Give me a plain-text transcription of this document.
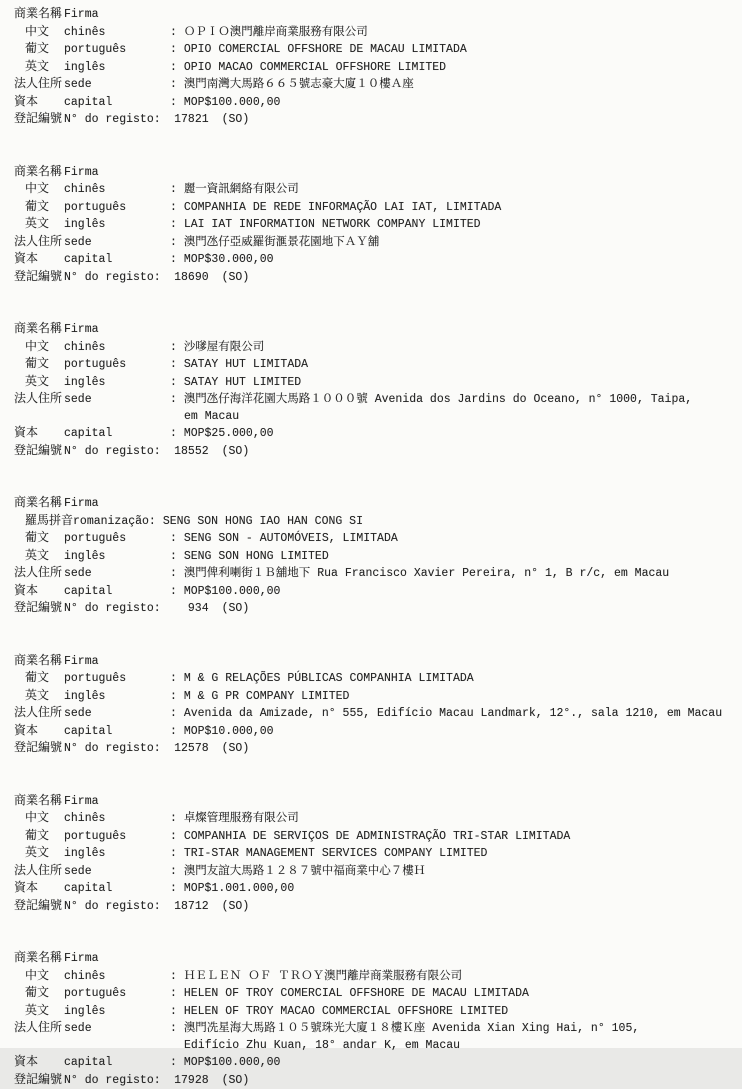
商業名稱 Firma
中文	chinês	: ＯＰＩＯ澳門離岸商業服務有限公司
葡文	português	: OPIO COMERCIAL OFFSHORE DE MACAU LIMITADA
英文	inglês	: OPIO MACAO COMMERCIAL OFFSHORE LIMITED
法人住所 sede	: 澳門南灣大馬路６６５號志豪大廈１０樓Ａ座
資本	capital	: MOP$100.000,00
登記編號 N° do registo:	17821 (SO)
商業名稱 Firma
中文	chinês	: 麗一資訊網絡有限公司
葡文	português	: COMPANHIA DE REDE INFORMAÇÃO LAI IAT, LIMITADA
英文	inglês	: LAI IAT INFORMATION NETWORK COMPANY LIMITED
法人住所 sede	: 澳門氹仔亞威羅街滙景花園地下ＡＹ舖
資本	capital	: MOP$30.000,00
登記編號 N° do registo:	18690 (SO)
商業名稱 Firma
中文	chinês	: 沙嗲屋有限公司
葡文	português	: SATAY HUT LIMITADA
英文	inglês	: SATAY HUT LIMITED
法人住所 sede	: 澳門氹仔海洋花園大馬路１０００號 Avenida dos Jardins do Oceano, n° 1000, Taipa,
em Macau
資本	capital	: MOP$25.000,00
登記編號 N° do registo:	18552 (SO)
商業名稱 Firma
羅馬拼音 romanização: SENG SON HONG IAO HAN CONG SI
葡文	português	: SENG SON - AUTOMÓVEIS, LIMITADA
英文	inglês	: SENG SON HONG LIMITED
法人住所 sede	: 澳門俾利喇街１Ｂ舖地下 Rua Francisco Xavier Pereira, n° 1, B r/c, em Macau
資本	capital	: MOP$100.000,00
登記編號 N° do registo:	934 (SO)
商業名稱 Firma
葡文	português	: M & G RELAÇÕES PÚBLICAS COMPANHIA LIMITADA
英文	inglês	: M & G PR COMPANY LIMITED
法人住所 sede	: Avenida da Amizade, n° 555, Edifício Macau Landmark, 12°., sala 1210, em Macau
資本	capital	: MOP$10.000,00
登記編號 N° do registo:	12578 (SO)
商業名稱 Firma
中文	chinês	: 卓燦管理服務有限公司
葡文	português	: COMPANHIA DE SERVIÇOS DE ADMINISTRAÇÃO TRI-STAR LIMITADA
英文	inglês	: TRI-STAR MANAGEMENT SERVICES COMPANY LIMITED
法人住所 sede	: 澳門友誼大馬路１２８７號中福商業中心７樓Ｈ
資本	capital	: MOP$1.001.000,00
登記編號 N° do registo:	18712 (SO)
商業名稱 Firma
中文	chinês	: ＨＥＬＥＮ ＯＦ ＴＲＯＹ澳門離岸商業服務有限公司
葡文	português	: HELEN OF TROY COMERCIAL OFFSHORE DE MACAU LIMITADA
英文	inglês	: HELEN OF TROY MACAO COMMERCIAL OFFSHORE LIMITED
法人住所 sede	: 澳門冼星海大馬路１０５號珠光大廈１８樓Ｋ座 Avenida Xian Xing Hai, n° 105,
Edifício Zhu Kuan, 18° andar K, em Macau
資本	capital	: MOP$100.000,00
登記編號 N° do registo:	17928 (SO)
